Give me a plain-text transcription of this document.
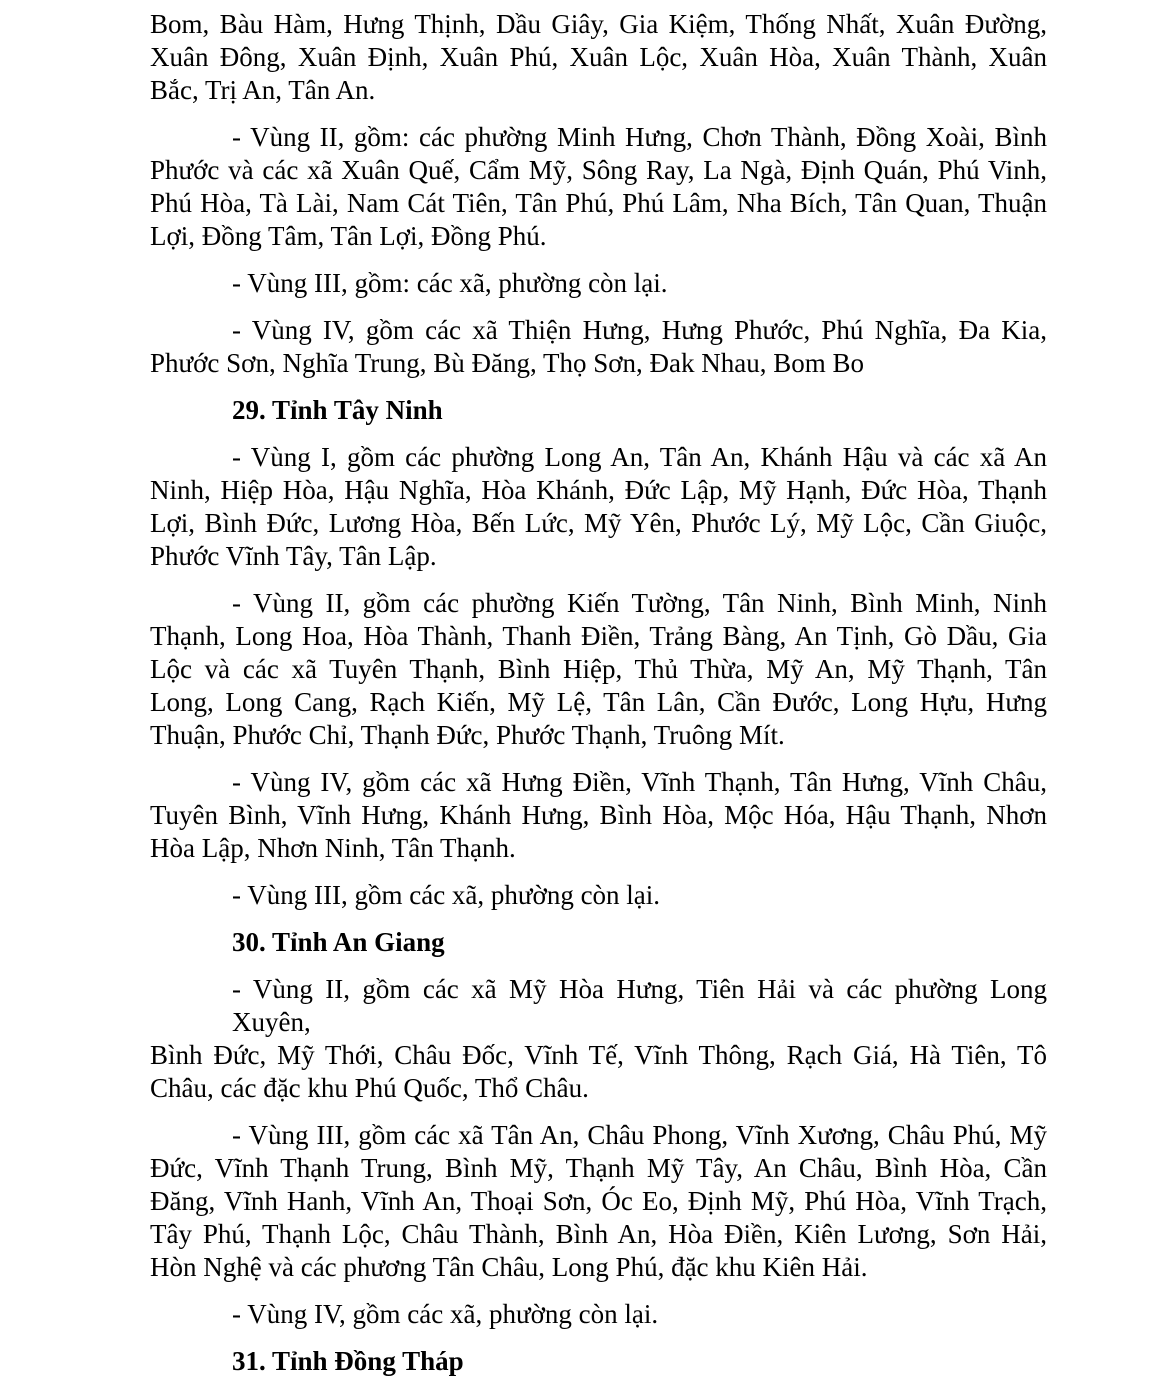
Bom, Bàu Hàm, Hưng Thịnh, Dầu Giây, Gia Kiệm, Thống Nhất, Xuân Đường,
Xuân Đông, Xuân Định, Xuân Phú, Xuân Lộc, Xuân Hòa, Xuân Thành, Xuân
Bắc, Trị An, Tân An.
- Vùng II, gồm: các phường Minh Hưng, Chơn Thành, Đồng Xoài, Bình
Phước và các xã Xuân Quế, Cẩm Mỹ, Sông Ray, La Ngà, Định Quán, Phú Vinh,
Phú Hòa, Tà Lài, Nam Cát Tiên, Tân Phú, Phú Lâm, Nha Bích, Tân Quan, Thuận
Lợi, Đồng Tâm, Tân Lợi, Đồng Phú.
- Vùng III, gồm: các xã, phường còn lại.
- Vùng IV, gồm các xã Thiện Hưng, Hưng Phước, Phú Nghĩa, Đa Kia,
Phước Sơn, Nghĩa Trung, Bù Đăng, Thọ Sơn, Đak Nhau, Bom Bo
29. Tỉnh Tây Ninh
- Vùng I, gồm các phường Long An, Tân An, Khánh Hậu và các xã An
Ninh, Hiệp Hòa, Hậu Nghĩa, Hòa Khánh, Đức Lập, Mỹ Hạnh, Đức Hòa, Thạnh
Lợi, Bình Đức, Lương Hòa, Bến Lức, Mỹ Yên, Phước Lý, Mỹ Lộc, Cần Giuộc,
Phước Vĩnh Tây, Tân Lập.
- Vùng II, gồm các phường Kiến Tường, Tân Ninh, Bình Minh, Ninh
Thạnh, Long Hoa, Hòa Thành, Thanh Điền, Trảng Bàng, An Tịnh, Gò Dầu, Gia
Lộc và các xã Tuyên Thạnh, Bình Hiệp, Thủ Thừa, Mỹ An, Mỹ Thạnh, Tân
Long, Long Cang, Rạch Kiến, Mỹ Lệ, Tân Lân, Cần Đước, Long Hựu, Hưng
Thuận, Phước Chỉ, Thạnh Đức, Phước Thạnh, Truông Mít.
- Vùng IV, gồm các xã Hưng Điền, Vĩnh Thạnh, Tân Hưng, Vĩnh Châu,
Tuyên Bình, Vĩnh Hưng, Khánh Hưng, Bình Hòa, Mộc Hóa, Hậu Thạnh, Nhơn
Hòa Lập, Nhơn Ninh, Tân Thạnh.
- Vùng III, gồm các xã, phường còn lại.
30. Tỉnh An Giang
- Vùng II, gồm các xã Mỹ Hòa Hưng, Tiên Hải và các phường Long Xuyên,
Bình Đức, Mỹ Thới, Châu Đốc, Vĩnh Tế, Vĩnh Thông, Rạch Giá, Hà Tiên, Tô
Châu, các đặc khu Phú Quốc, Thổ Châu.
- Vùng III, gồm các xã Tân An, Châu Phong, Vĩnh Xương, Châu Phú, Mỹ
Đức, Vĩnh Thạnh Trung, Bình Mỹ, Thạnh Mỹ Tây, An Châu, Bình Hòa, Cần
Đăng, Vĩnh Hanh, Vĩnh An, Thoại Sơn, Óc Eo, Định Mỹ, Phú Hòa, Vĩnh Trạch,
Tây Phú, Thạnh Lộc, Châu Thành, Bình An, Hòa Điền, Kiên Lương, Sơn Hải,
Hòn Nghệ và các phương Tân Châu, Long Phú, đặc khu Kiên Hải.
- Vùng IV, gồm các xã, phường còn lại.
31. Tỉnh Đồng Tháp
